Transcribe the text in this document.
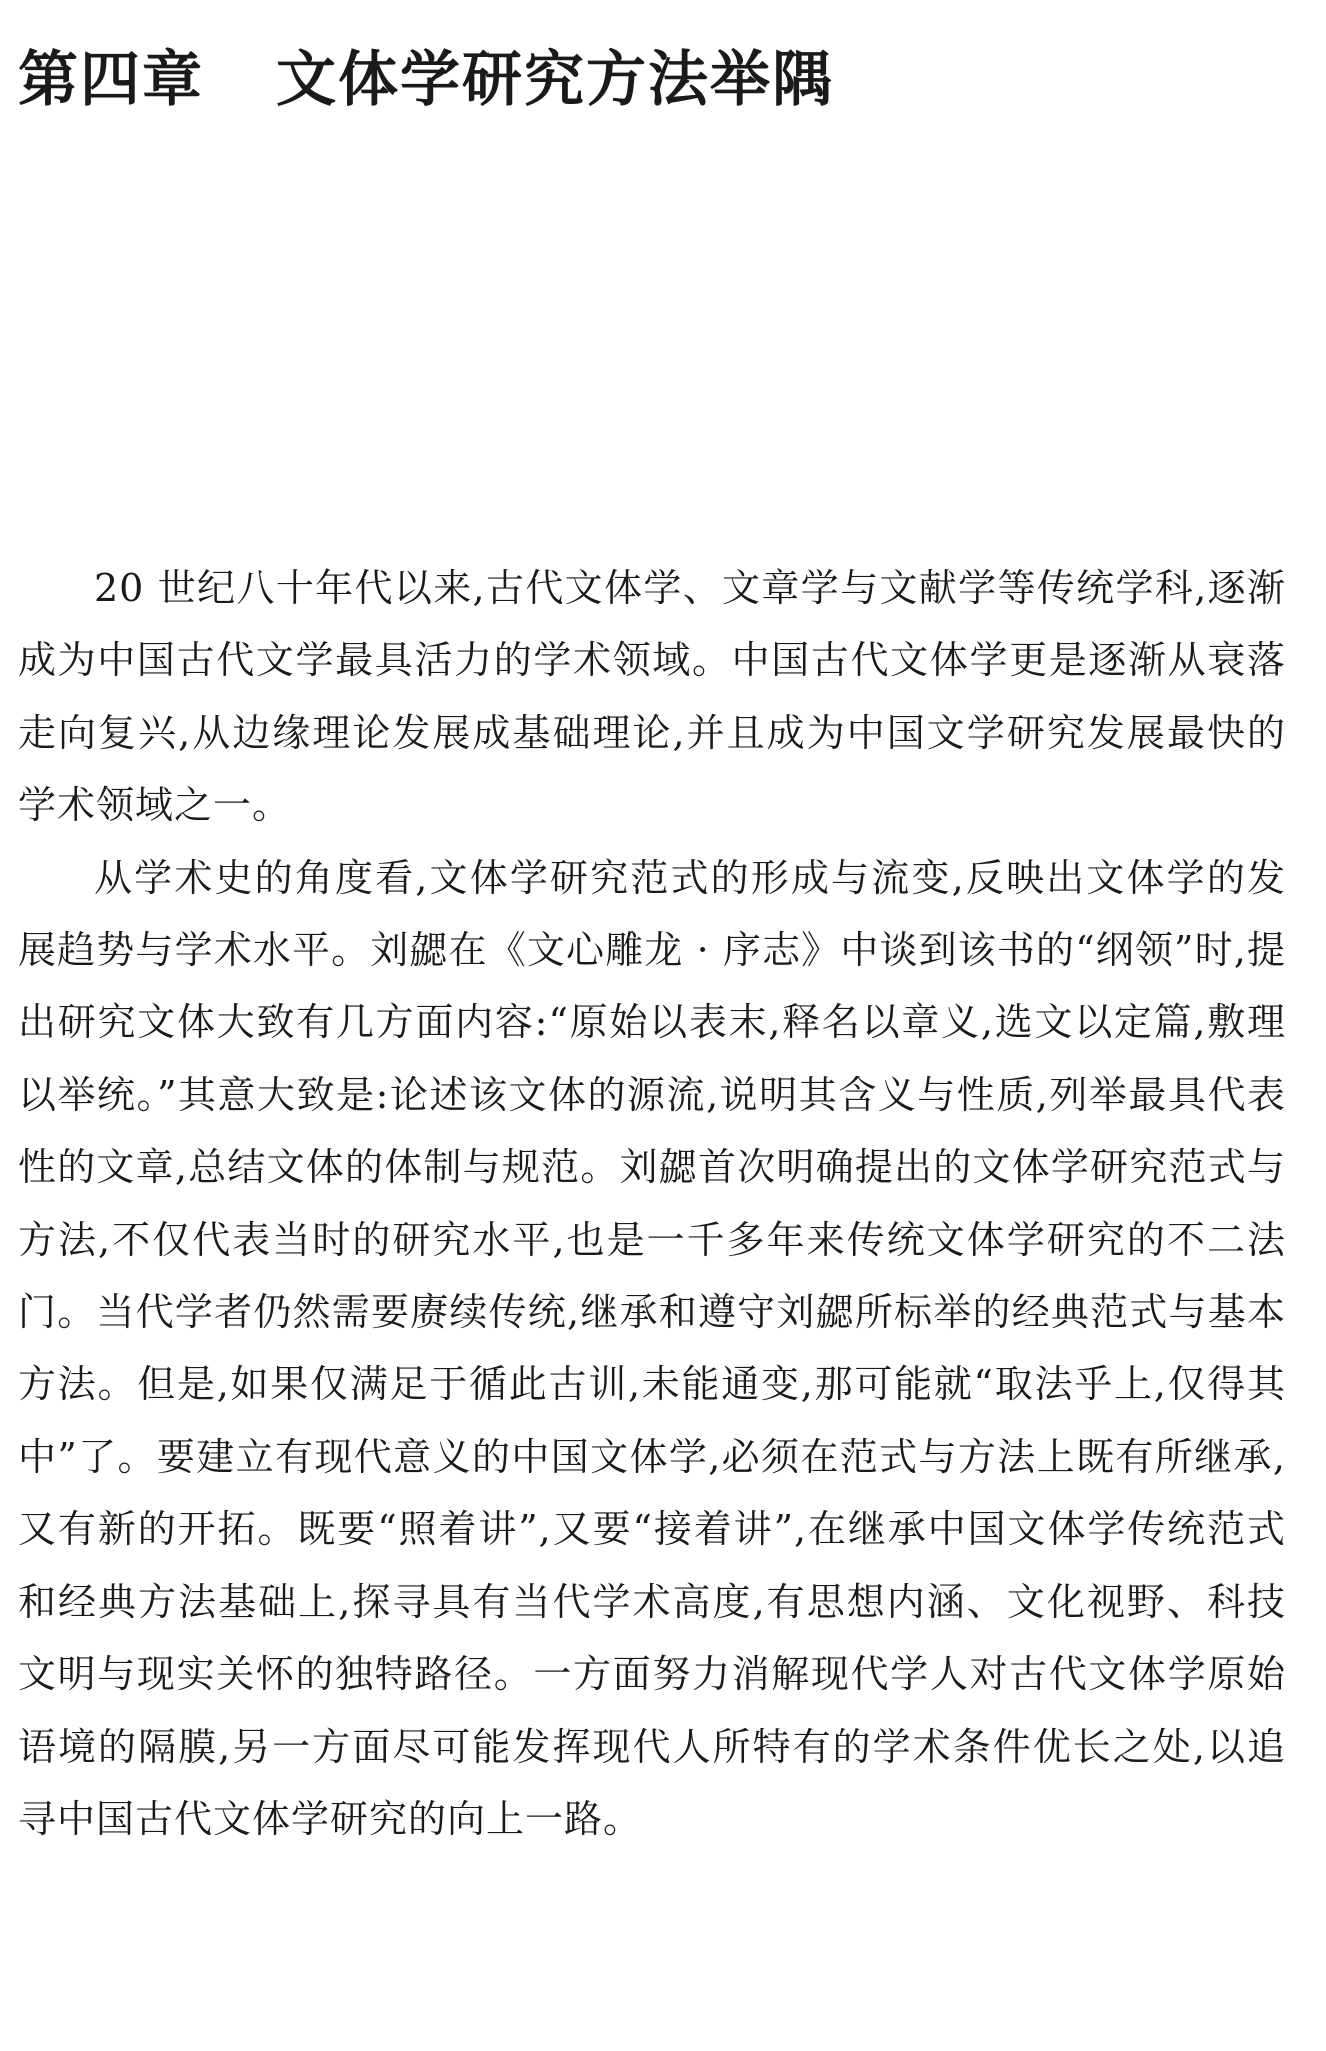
第四章 文体学研究方法举隅

20 世纪八十年代以来,古代文体学、文章学与文献学等传统学科,逐渐成为中国古代文学最具活力的学术领域。中国古代文体学更是逐渐从衰落走向复兴,从边缘理论发展成基础理论,并且成为中国文学研究发展最快的学术领域之一。

从学术史的角度看,文体学研究范式的形成与流变,反映出文体学的发展趋势与学术水平。刘勰在《文心雕龙 · 序志》中谈到该书的“纲领”时,提出研究文体大致有几方面内容:“原始以表末,释名以章义,选文以定篇,敷理以举统。”其意大致是:论述该文体的源流,说明其含义与性质,列举最具代表性的文章,总结文体的体制与规范。刘勰首次明确提出的文体学研究范式与方法,不仅代表当时的研究水平,也是一千多年来传统文体学研究的不二法门。当代学者仍然需要赓续传统,继承和遵守刘勰所标举的经典范式与基本方法。但是,如果仅满足于循此古训,未能通变,那可能就“取法乎上,仅得其中”了。要建立有现代意义的中国文体学,必须在范式与方法上既有所继承,又有新的开拓。既要“照着讲”,又要“接着讲”,在继承中国文体学传统范式和经典方法基础上,探寻具有当代学术高度,有思想内涵、文化视野、科技文明与现实关怀的独特路径。一方面努力消解现代学人对古代文体学原始语境的隔膜,另一方面尽可能发挥现代人所特有的学术条件优长之处,以追寻中国古代文体学研究的向上一路。
